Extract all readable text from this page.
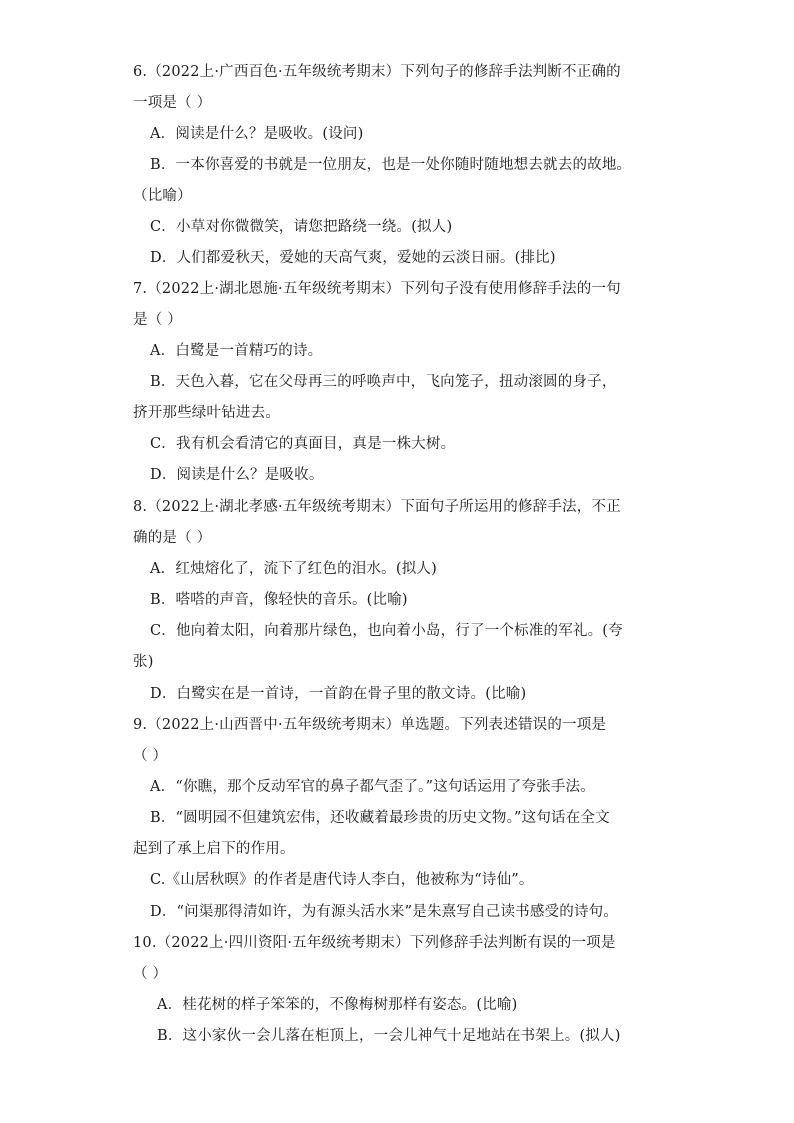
6.（2022上·广西百色·五年级统考期末）下列句子的修辞手法判断不正确的
一项是（ ）
A．阅读是什么？是吸收。(设问)
B．一本你喜爱的书就是一位朋友，也是一处你随时随地想去就去的故地。
（比喻）
C．小草对你微微笑，请您把路绕一绕。(拟人)
D．人们都爱秋天，爱她的天高气爽，爱她的云淡日丽。(排比)
7.（2022上·湖北恩施·五年级统考期末）下列句子没有使用修辞手法的一句
是（ ）
A．白鹭是一首精巧的诗。
B．天色入暮，它在父母再三的呼唤声中，飞向笼子，扭动滚圆的身子，
挤开那些绿叶钻进去。
C．我有机会看清它的真面目，真是一株大树。
D．阅读是什么？是吸收。
8.（2022上·湖北孝感·五年级统考期末）下面句子所运用的修辞手法，不正
确的是（ ）
A．红烛熔化了，流下了红色的泪水。(拟人)
B．嗒嗒的声音，像轻快的音乐。(比喻)
C．他向着太阳，向着那片绿色，也向着小岛，行了一个标准的军礼。(夸
张)
D．白鹭实在是一首诗，一首韵在骨子里的散文诗。(比喻)
9.（2022上·山西晋中·五年级统考期末）单选题。下列表述错误的一项是
（ ）
A．“你瞧，那个反动军官的鼻子都气歪了。”这句话运用了夸张手法。
B．“圆明园不但建筑宏伟，还收藏着最珍贵的历史文物。”这句话在全文
起到了承上启下的作用。
C.《山居秋暝》的作者是唐代诗人李白，他被称为“诗仙”。
D．“问渠那得清如许，为有源头活水来”是朱熹写自己读书感受的诗句。
10.（2022上·四川资阳·五年级统考期末）下列修辞手法判断有误的一项是
（ ）
A．桂花树的样子笨笨的，不像梅树那样有姿态。(比喻)
B．这小家伙一会儿落在柜顶上，一会儿神气十足地站在书架上。(拟人)
